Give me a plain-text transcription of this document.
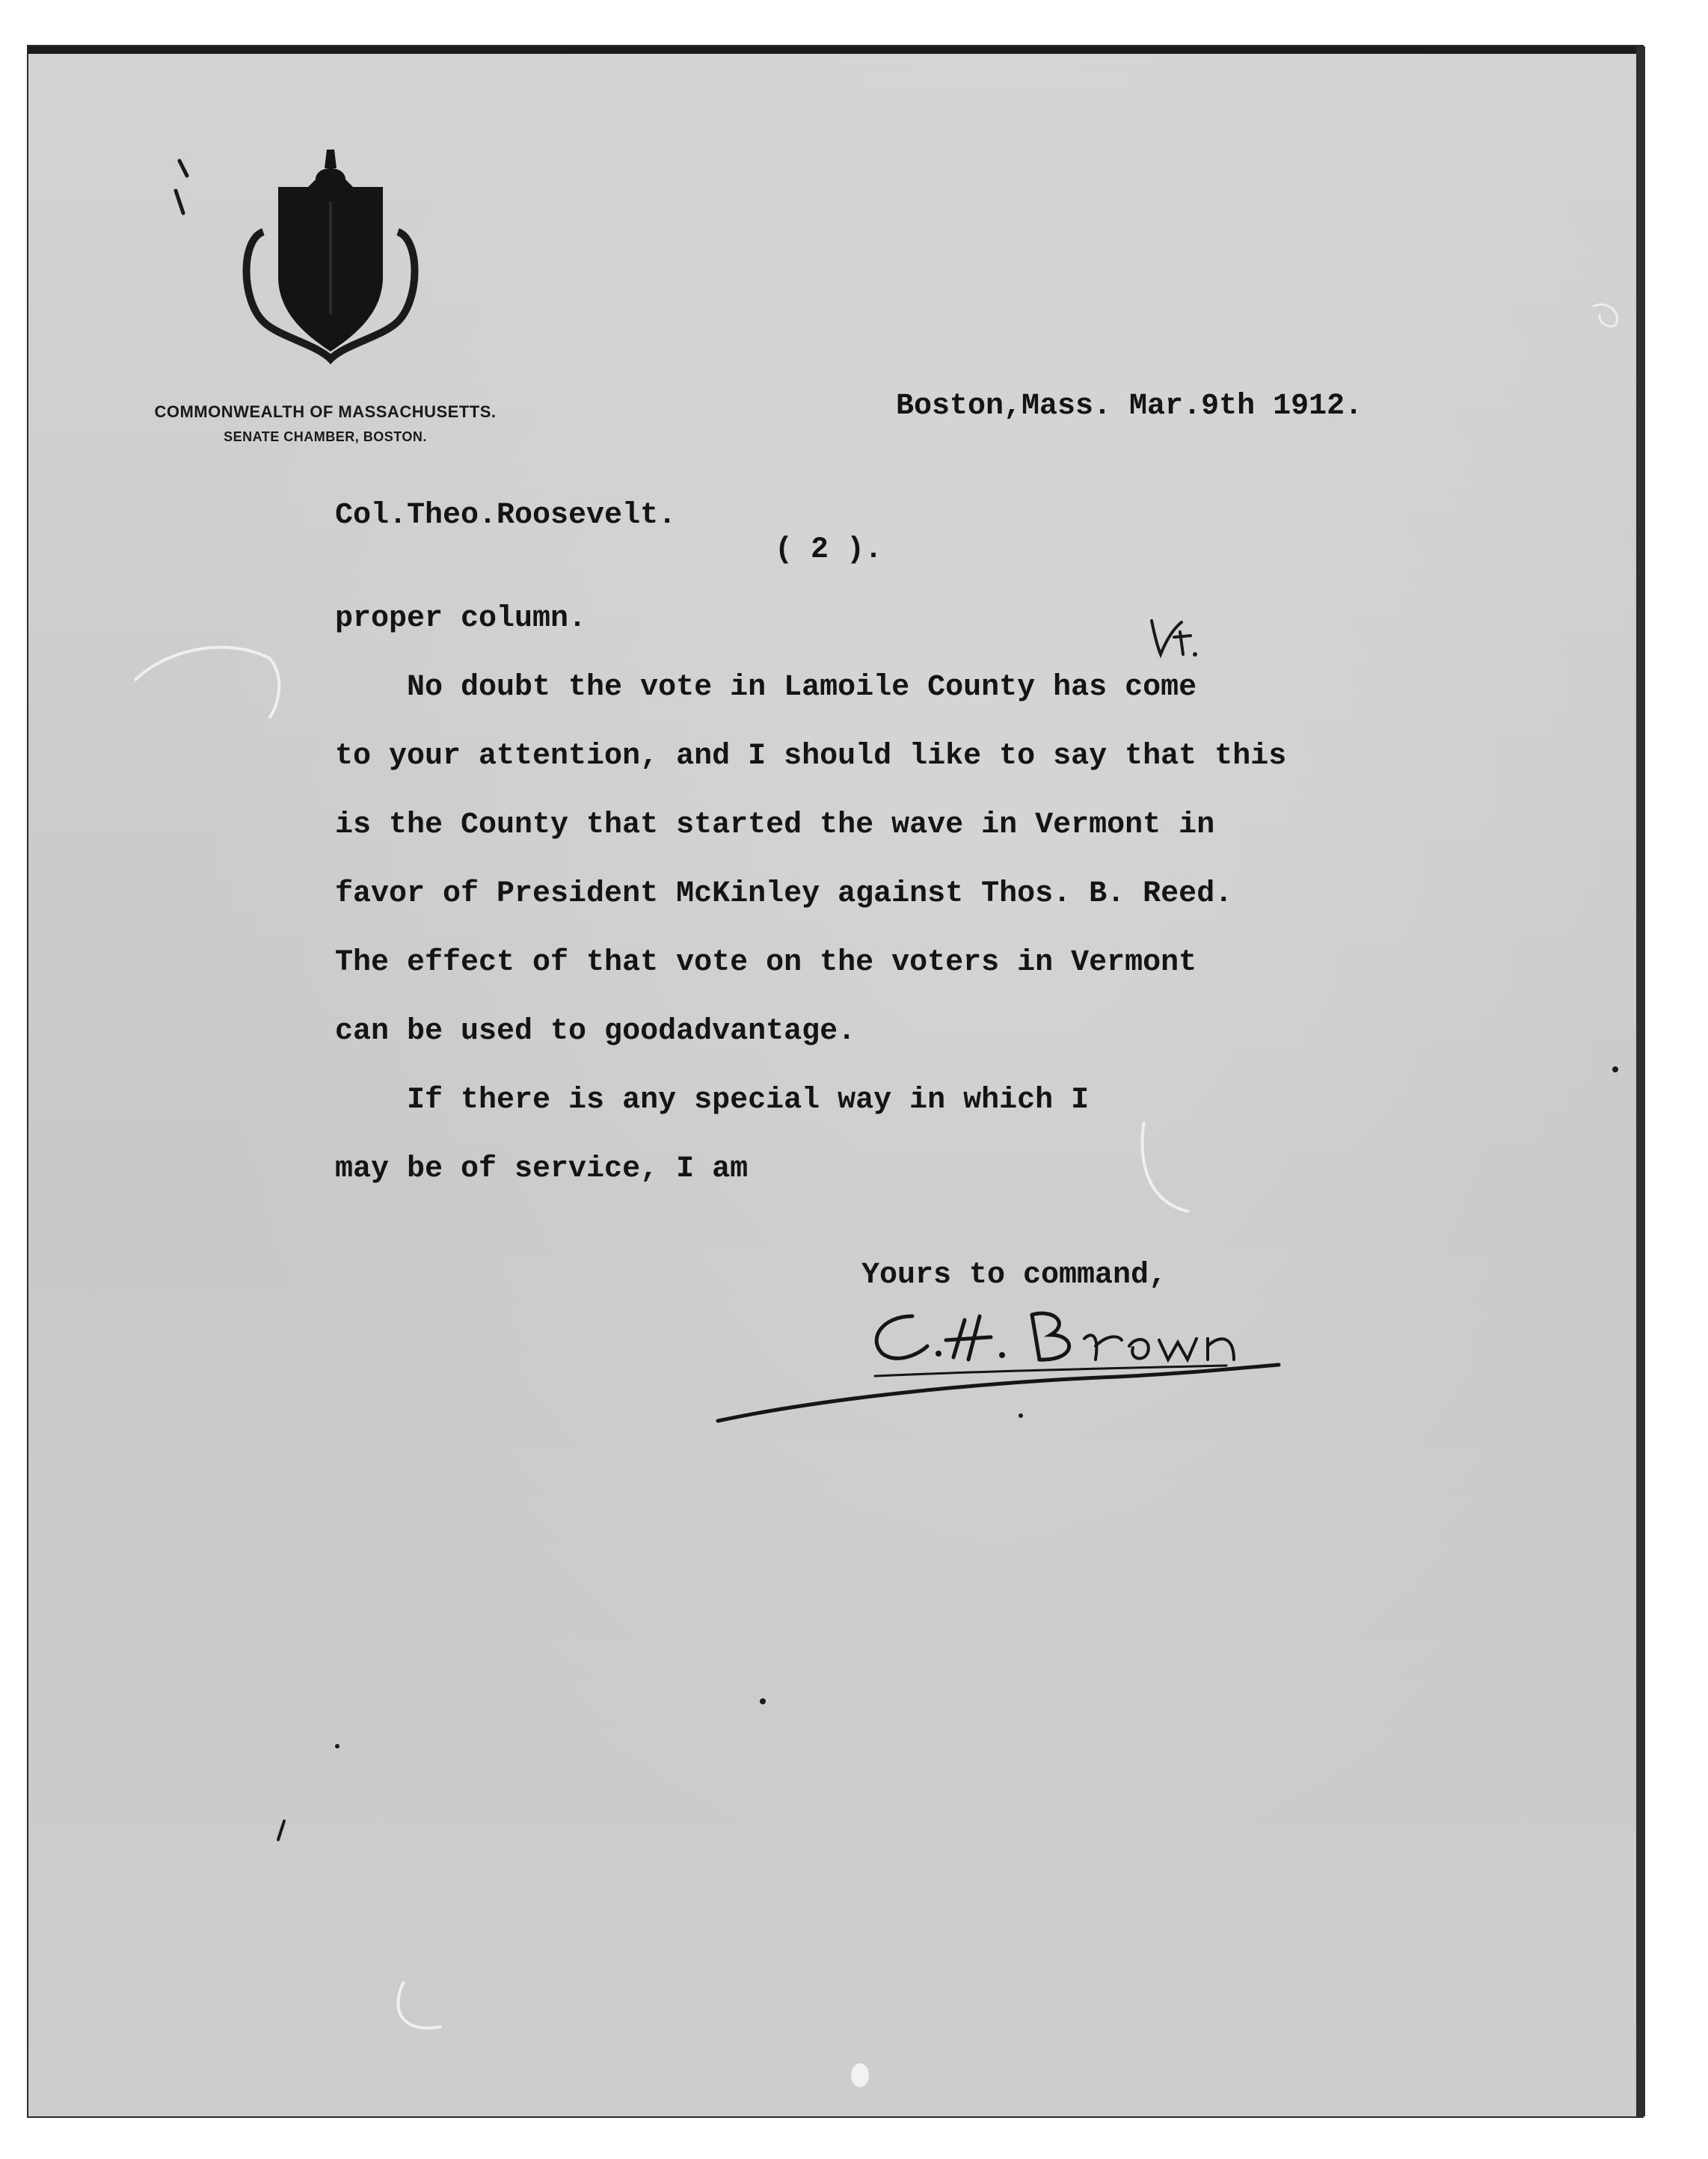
COMMONWEALTH OF MASSACHUSETTS.
SENATE CHAMBER, BOSTON.
Boston,Mass. Mar.9th 1912.
Col.Theo.Roosevelt.
( 2 ).
proper column.
No doubt the vote in Lamoile County has come
to your attention, and I should like to say that this
is the County that started the wave in Vermont in
favor of President McKinley against Thos. B. Reed.
The effect of that vote on the voters in Vermont
can be used to goodadvantage.
If there is any special way in which I
may be of service, I am
Yours to command,
